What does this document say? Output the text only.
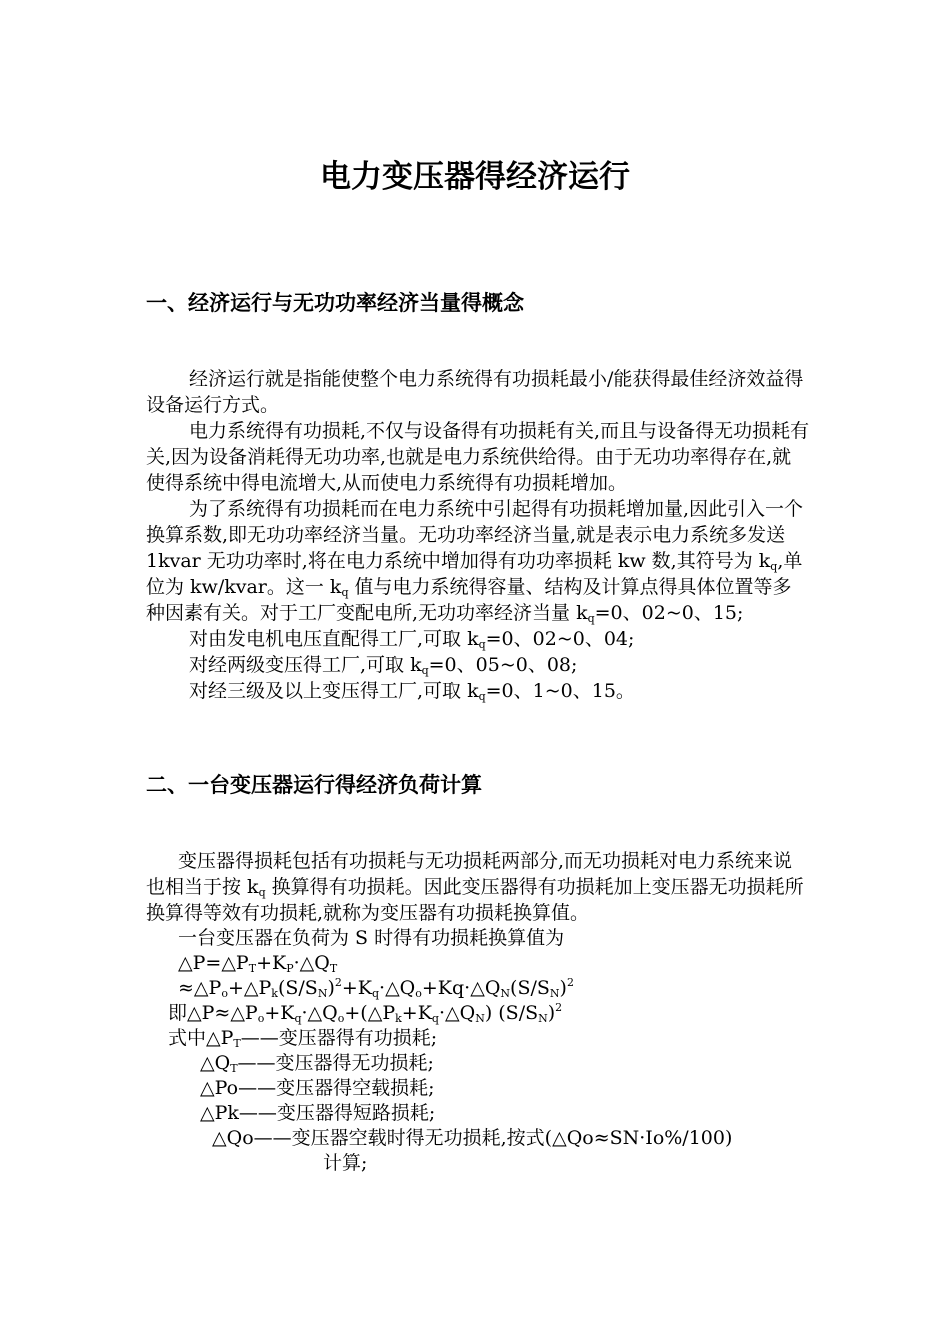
电力变压器得经济运行
一、经济运行与无功功率经济当量得概念

经济运行就是指能使整个电力系统得有功损耗最小/能获得最佳经济效益得设备运行方式。

电力系统得有功损耗,不仅与设备得有功损耗有关,而且与设备得无功损耗有关,因为设备消耗得无功功率,也就是电力系统供给得。由于无功功率得存在,就使得系统中得电流增大,从而使电力系统得有功损耗增加。

为了系统得有功损耗而在电力系统中引起得有功损耗增加量,因此引入一个换算系数,即无功功率经济当量。无功功率经济当量,就是表示电力系统多发送 1kvar 无功功率时,将在电力系统中增加得有功功率损耗 kw 数,其符号为 $k_q$,单位为 kw/kvar。这一 $k_q$ 值与电力系统得容量、结构及计算点得具体位置等多种因素有关。对于工厂变配电所,无功功率经济当量 $k_q=0$、02~0、15;

对由发电机电压直配得工厂,可取 $k_q=0$、02~0、04;

对经两级变压得工厂,可取 $k_q=0$、05~0、08;

对经三级及以上变压得工厂,可取 $k_q=0$、1~0、15。

二、一台变压器运行得经济负荷计算

变压器得损耗包括有功损耗与无功损耗两部分,而无功损耗对电力系统来说也相当于按 $k_q$ 换算得有功损耗。因此变压器得有功损耗加上变压器无功损耗所换算得等效有功损耗,就称为变压器有功损耗换算值。

一台变压器在负荷为 S 时得有功损耗换算值为

$\triangle P=\triangle P_T+K_P\cdot\triangle Q_T$

$\approx\triangle P_o+\triangle P_k(S/S_N)^2+K_q\cdot\triangle Q_o+Kq\cdot\triangle Q_N(S/S_N)^2$

即$\triangle P\approx\triangle P_o+K_q\cdot\triangle Q_o+(\triangle P_k+K_q\cdot\triangle Q_N)$ $(S/S_N)^2$

式中$\triangle P_T——$变压器得有功损耗;

$\triangle Q_T——$变压器得无功损耗;

△Po——变压器得空载损耗;

△Pk——变压器得短路损耗;

△Qo——变压器空载时得无功损耗,按式(△Qo≈SN·Io%/100)

计算;
